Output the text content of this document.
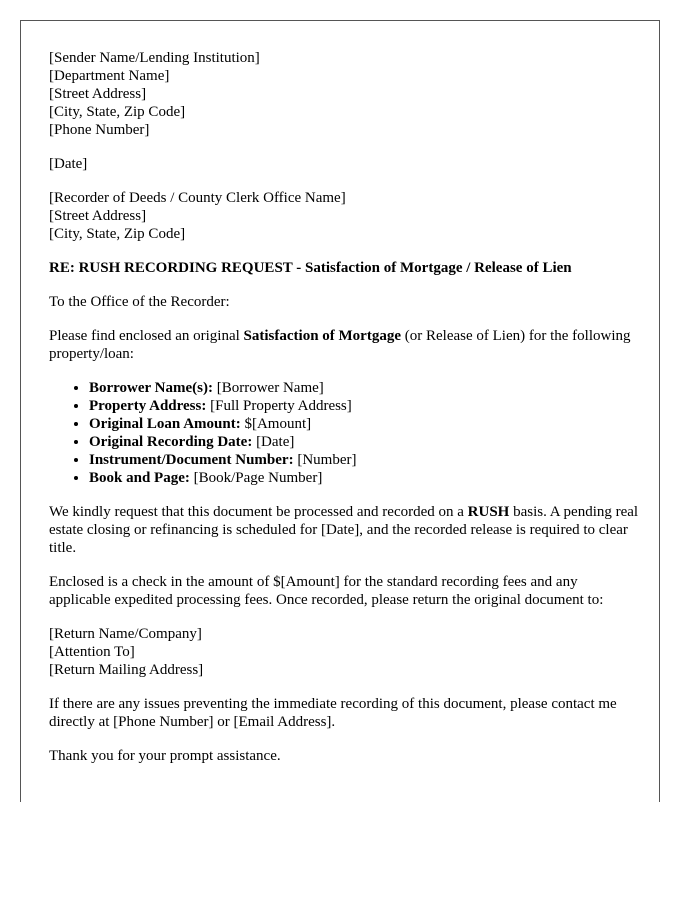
[Sender Name/Lending Institution]
[Department Name]
[Street Address]
[City, State, Zip Code]
[Phone Number]
[Date]
[Recorder of Deeds / County Clerk Office Name]
[Street Address]
[City, State, Zip Code]
RE: RUSH RECORDING REQUEST - Satisfaction of Mortgage / Release of Lien

To the Office of the Recorder:

Please find enclosed an original Satisfaction of Mortgage (or Release of Lien) for the following property/loan:

• Borrower Name(s): [Borrower Name]
• Property Address: [Full Property Address]
• Original Loan Amount: $[Amount]
• Original Recording Date: [Date]
• Instrument/Document Number: [Number]
• Book and Page: [Book/Page Number]

We kindly request that this document be processed and recorded on a RUSH basis. A pending real estate closing or refinancing is scheduled for [Date], and the recorded release is required to clear title.

Enclosed is a check in the amount of $[Amount] for the standard recording fees and any applicable expedited processing fees. Once recorded, please return the original document to:

[Return Name/Company]
[Attention To]
[Return Mailing Address]

If there are any issues preventing the immediate recording of this document, please contact me directly at [Phone Number] or [Email Address].

Thank you for your prompt assistance.
